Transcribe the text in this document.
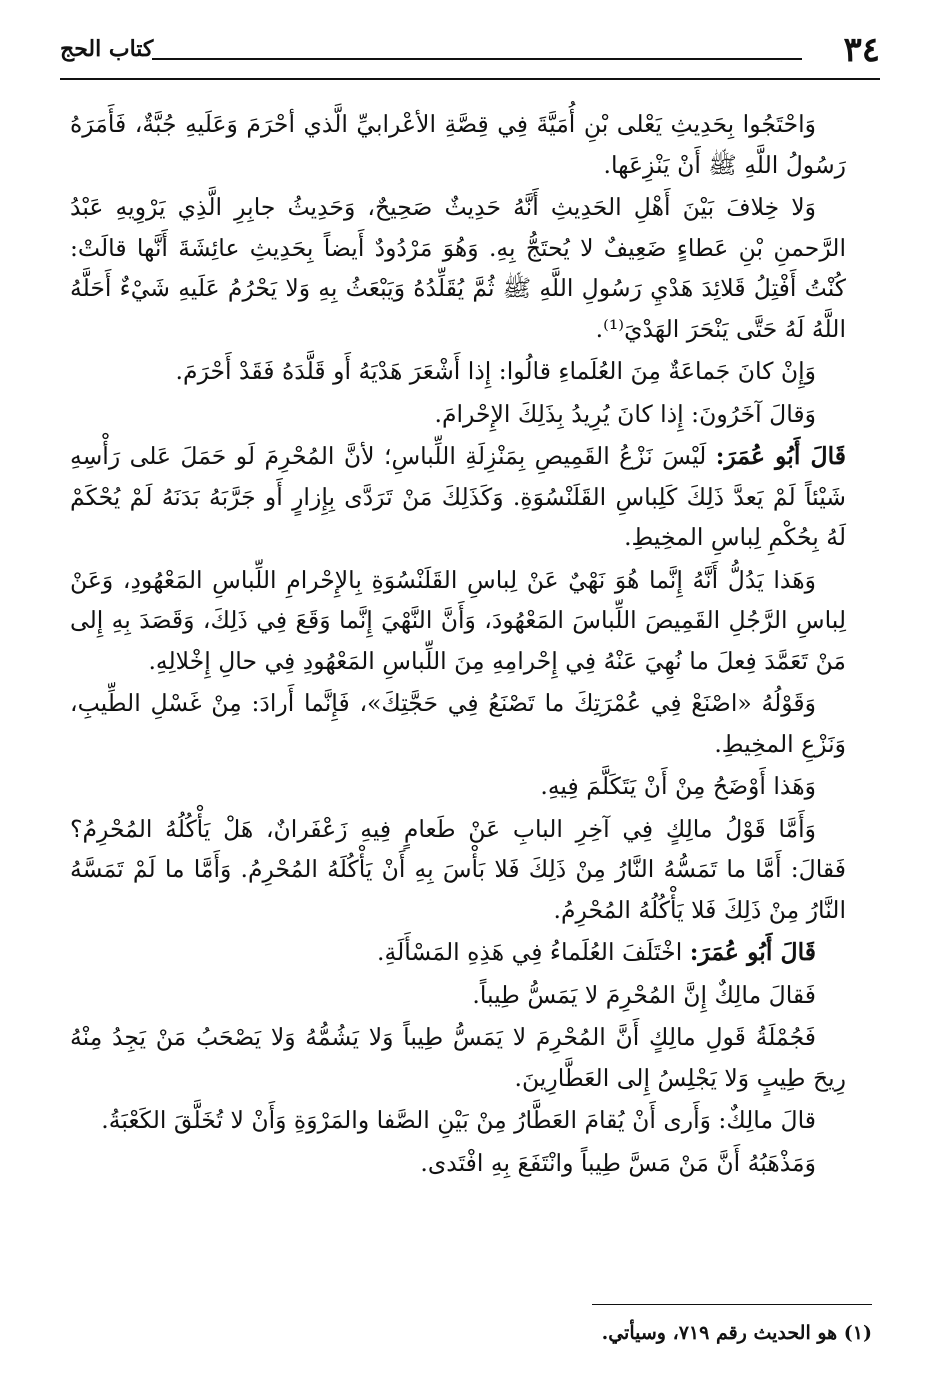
٣٤
كتاب الحج

وَاحْتَجُوا بِحَدِيثِ يَعْلى بْنِ أُمَيَّةَ فِي قِصَّةِ الأعْرابيِّ الَّذي أحْرَمَ وَعَلَيهِ جُبَّةٌ، فَأَمَرَهُ رَسُولُ اللَّهِ ﷺ أَنْ يَنْزِعَها.

وَلا خِلافَ بَيْنَ أَهْلِ الحَدِيثِ أَنَّهُ حَدِيثٌ صَحِيحٌ، وَحَدِيثُ جابِرِ الَّذِي يَرْوِيهِ عَبْدُ الرَّحمنِ بْنِ عَطاءٍ ضَعِيفٌ لا يُحتَجُّ بِهِ. وَهُوَ مَرْدُودٌ أَيضاً بِحَدِيثِ عائِشَةَ أَنَّها قالَتْ: كُنْتُ أَفْتِلُ قَلائِدَ هَدْيِ رَسُولِ اللَّهِ ﷺ ثُمَّ يُقَلِّدُهُ وَيَبْعَثُ بِهِ وَلا يَحْرُمُ عَلَيهِ شَيْءٌ أَحَلَّهُ اللَّهُ لَهُ حَتَّى يَنْحَرَ الهَدْيَ⁽¹⁾.

وَإِنْ كانَ جَماعَةٌ مِنَ العُلَماءِ قالُوا: إِذا أَشْعَرَ هَدْيَهُ أَو قَلَّدَهُ فَقَدْ أَحْرَمَ.

وَقالَ آخَرُونَ: إِذا كانَ يُرِيدُ بِذَلِكَ الإِحْرامَ.

قَالَ أَبُو عُمَرَ: لَيْسَ نَزْعُ القَمِيصِ بِمَنْزِلَةِ اللِّباسِ؛ لأنَّ المُحْرِمَ لَو حَمَلَ عَلى رَأْسِهِ شَيْئاً لَمْ يَعدَّ ذَلِكَ كَلِباسِ القَلَنْسُوَةِ. وَكَذَلِكَ مَنْ تَرَدَّى بِإِزارٍ أَو جَرَّبَهُ بَدَنَهُ لَمْ يُحْكَمْ لَهُ بِحُكْمِ لِباسِ المخِيطِ.

وَهَذا يَدُلُّ أَنَّهُ إِنَّما هُوَ نَهْيٌ عَنْ لِباسِ القَلَنْسُوَةِ بِالإِحْرامِ اللِّباسِ المَعْهُودِ، وَعَنْ لِباسِ الرَّجُلِ القَمِيصَ اللِّباسَ المَعْهُودَ، وَأَنَّ النَّهْيَ إِنَّما وَقَعَ فِي ذَلِكَ، وَقَصَدَ بِهِ إِلى مَنْ تَعَمَّدَ فِعلَ ما نُهِيَ عَنْهُ فِي إِحْرامِهِ مِنَ اللِّباسِ المَعْهُودِ فِي حالِ إِخْلالِهِ.

وَقَوْلُهُ «اصْنَعْ فِي عُمْرَتِكَ ما تَصْنَعُ فِي حَجَّتِكَ»، فَإِنَّما أَرادَ: مِنْ غَسْلِ الطِّيبِ، وَنَزْعِ المخِيطِ.

وَهَذا أَوْضَحُ مِنْ أَنْ يَتَكَلَّمَ فِيهِ.

وَأَمَّا قَوْلُ مالِكٍ فِي آخِرِ البابِ عَنْ طَعامٍ فِيهِ زَعْفَرانٌ، هَلْ يَأْكُلُهُ المُحْرِمُ؟ فَقالَ: أَمَّا ما تَمَسُّهُ النَّارُ مِنْ ذَلِكَ فَلا بَأْسَ بِهِ أَنْ يَأْكُلَهُ المُحْرِمُ. وَأَمَّا ما لَمْ تَمَسَّهُ النَّارُ مِنْ ذَلِكَ فَلا يَأْكُلُهُ المُحْرِمُ.

قَالَ أَبُو عُمَرَ: اخْتَلَفَ العُلَماءُ فِي هَذِهِ المَسْأَلَةِ.

فَقالَ مالِكٌ إِنَّ المُحْرِمَ لا يَمَسُّ طِيباً.

فَجُمْلَةُ قَولِ مالِكٍ أَنَّ المُحْرِمَ لا يَمَسُّ طِيباً وَلا يَشُمُّهُ وَلا يَصْحَبُ مَنْ يَجِدُ مِنْهُ رِيحَ طِيبٍ وَلا يَجْلِسُ إِلى العَطَّارِينَ.

قالَ مالِكٌ: وَأَرى أَنْ يُقامَ العَطَّارُ مِنْ بَيْنِ الصَّفا والمَرْوَةِ وَأَنْ لا تُخَلَّقَ الكَعْبَةُ.

وَمَذْهَبُهُ أَنَّ مَنْ مَسَّ طِيباً وانْتَفَعَ بِهِ افْتَدى.

(١) هو الحديث رقم ٧١٩، وسيأتي.
